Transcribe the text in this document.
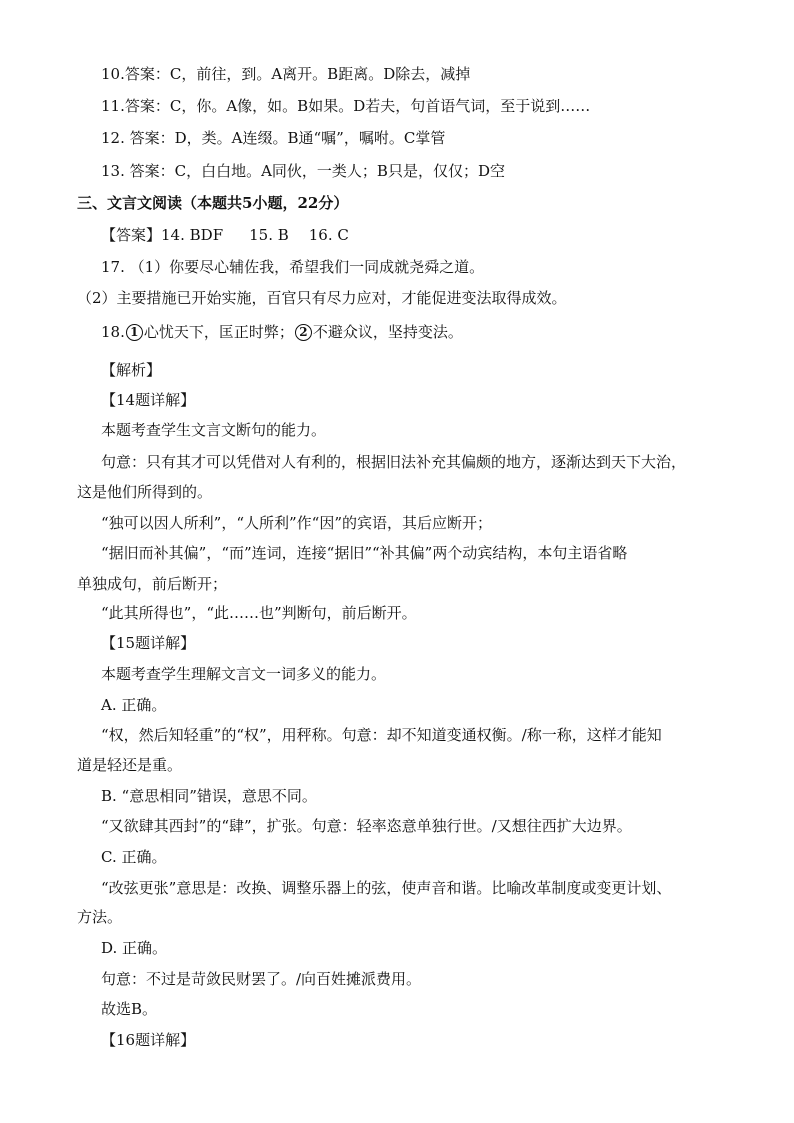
10.答案：C，前往，到。A离开。B距离。D除去，减掉
11.答案：C，你。A像，如。B如果。D若夫，句首语气词，至于说到……
12. 答案：D，类。A连缀。B通“嘱”，嘱咐。C掌管
13. 答案：C，白白地。A同伙，一类人；B只是，仅仅；D空
三、文言文阅读（本题共5小题，22分）
【答案】14. BDF 15. B 16. C
17. （1）你要尽心辅佐我，希望我们一同成就尧舜之道。
（2）主要措施已开始实施，百官只有尽力应对，才能促进变法取得成效。
18. 1 心忧天下，匡正时弊； 2 不避众议，坚持变法。
【解析】
【14题详解】
本题考查学生文言文断句的能力。
句意：只有其才可以凭借对人有利的，根据旧法补充其偏颇的地方，逐渐达到天下大治，
这是他们所得到的。
“独可以因人所利”，“人所利”作“因”的宾语，其后应断开；
“据旧而补其偏”，“而”连词，连接“据旧”“补其偏”两个动宾结构，本句主语省略
单独成句，前后断开；
“此其所得也”，“此……也”判断句，前后断开。
【15题详解】
本题考查学生理解文言文一词多义的能力。
A. 正确。
“权，然后知轻重”的“权”，用秤称。句意：却不知道变通权衡。/称一称，这样才能知
道是轻还是重。
B. “意思相同”错误，意思不同。
“又欲肆其西封”的“肆”，扩张。句意：轻率恣意单独行世。/又想往西扩大边界。
C. 正确。
“改弦更张”意思是：改换、调整乐器上的弦，使声音和谐。比喻改革制度或变更计划、
方法。
D. 正确。
句意：不过是苛敛民财罢了。/向百姓摊派费用。
故选B。
【16题详解】
